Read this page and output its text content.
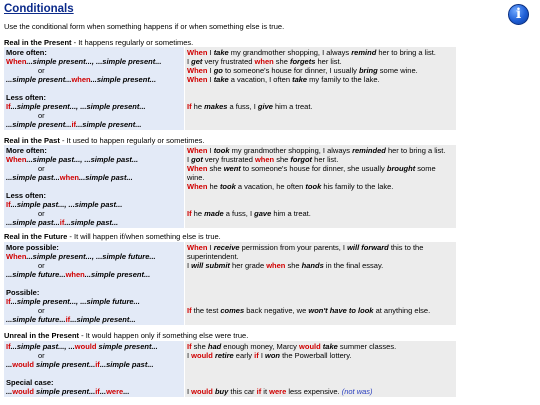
Conditionals	i
Use the conditional form when something happens if or when something else is true.
Real in the Present - It happens regularly or sometimes.
More often:
When...simple present..., ...simple present...
or
...simple present...when...simple present...
Less often:
If...simple present..., ...simple present...
or
...simple present...if...simple present...
When I take my grandmother shopping, I always remind her to bring a list.
I get very frustrated when she forgets her list.
When I go to someone's house for dinner, I usually bring some wine.
When I take a vacation, I often take my family to the lake.
If he makes a fuss, I give him a treat.
Real in the Past - It used to happen regularly or sometimes.
More often:
When...simple past..., ...simple past...
or
...simple past...when...simple past...
Less often:
If...simple past..., ...simple past...
or
...simple past...if...simple past...
When I took my grandmother shopping, I always reminded her to bring a list.
I got very frustrated when she forgot her list.
When she went to someone's house for dinner, she usually brought some wine.
When he took a vacation, he often took his family to the lake.
If he made a fuss, I gave him a treat.
Real in the Future - It will happen if/when something else is true.
More possible:
When...simple present..., ...simple future...
or
...simple future...when...simple present...
Possible:
If...simple present..., ...simple future...
or
...simple future...if...simple present...
When I receive permission from your parents, I will forward this to the superintendent.
I will submit her grade when she hands in the final essay.
If the test comes back negative, we won't have to look at anything else.
Unreal in the Present - It would happen only if something else were true.
If...simple past..., ...would simple present...
or
...would simple present...if...simple past...
Special case:
...would simple present...if...were...
If she had enough money, Marcy would take summer classes.
I would retire early if I won the Powerball lottery.
I would buy this car if it were less expensive. (not was)
